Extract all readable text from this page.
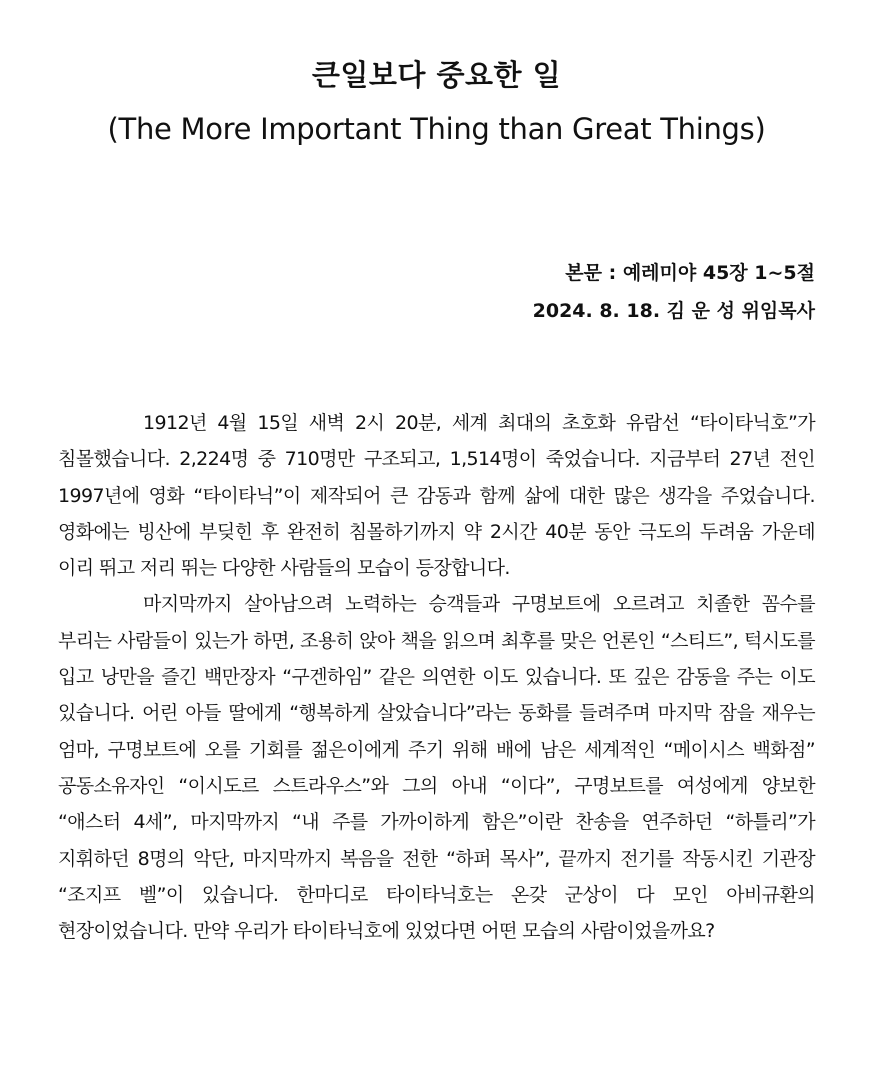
큰일보다 중요한 일
(The More Important Thing than Great Things)
본문 : 예레미야 45장 1~5절
2024. 8. 18. 김 운 성 위임목사

1912년 4월 15일 새벽 2시 20분, 세계 최대의 초호화 유람선 “타이타닉호”가 침몰했습니다. 2,224명 중 710명만 구조되고, 1,514명이 죽었습니다. 지금부터 27년 전인 1997년에 영화 “타이타닉”이 제작되어 큰 감동과 함께 삶에 대한 많은 생각을 주었습니다. 영화에는 빙산에 부딪힌 후 완전히 침몰하기까지 약 2시간 40분 동안 극도의 두려움 가운데 이리 뛰고 저리 뛰는 다양한 사람들의 모습이 등장합니다.

마지막까지 살아남으려 노력하는 승객들과 구명보트에 오르려고 치졸한 꼼수를 부리는 사람들이 있는가 하면, 조용히 앉아 책을 읽으며 최후를 맞은 언론인 “스티드”, 턱시도를 입고 낭만을 즐긴 백만장자 “구겐하임” 같은 의연한 이도 있습니다. 또 깊은 감동을 주는 이도 있습니다. 어린 아들 딸에게 “행복하게 살았습니다”라는 동화를 들려주며 마지막 잠을 재우는 엄마, 구명보트에 오를 기회를 젊은이에게 주기 위해 배에 남은 세계적인 “메이시스 백화점” 공동소유자인 “이시도르 스트라우스”와 그의 아내 “이다”, 구명보트를 여성에게 양보한 “애스터 4세”, 마지막까지 “내 주를 가까이하게 함은”이란 찬송을 연주하던 “하틀리”가 지휘하던 8명의 악단, 마지막까지 복음을 전한 “하퍼 목사”, 끝까지 전기를 작동시킨 기관장 “조지프 벨”이 있습니다. 한마디로 타이타닉호는 온갖 군상이 다 모인 아비규환의 현장이었습니다. 만약 우리가 타이타닉호에 있었다면 어떤 모습의 사람이었을까요?
